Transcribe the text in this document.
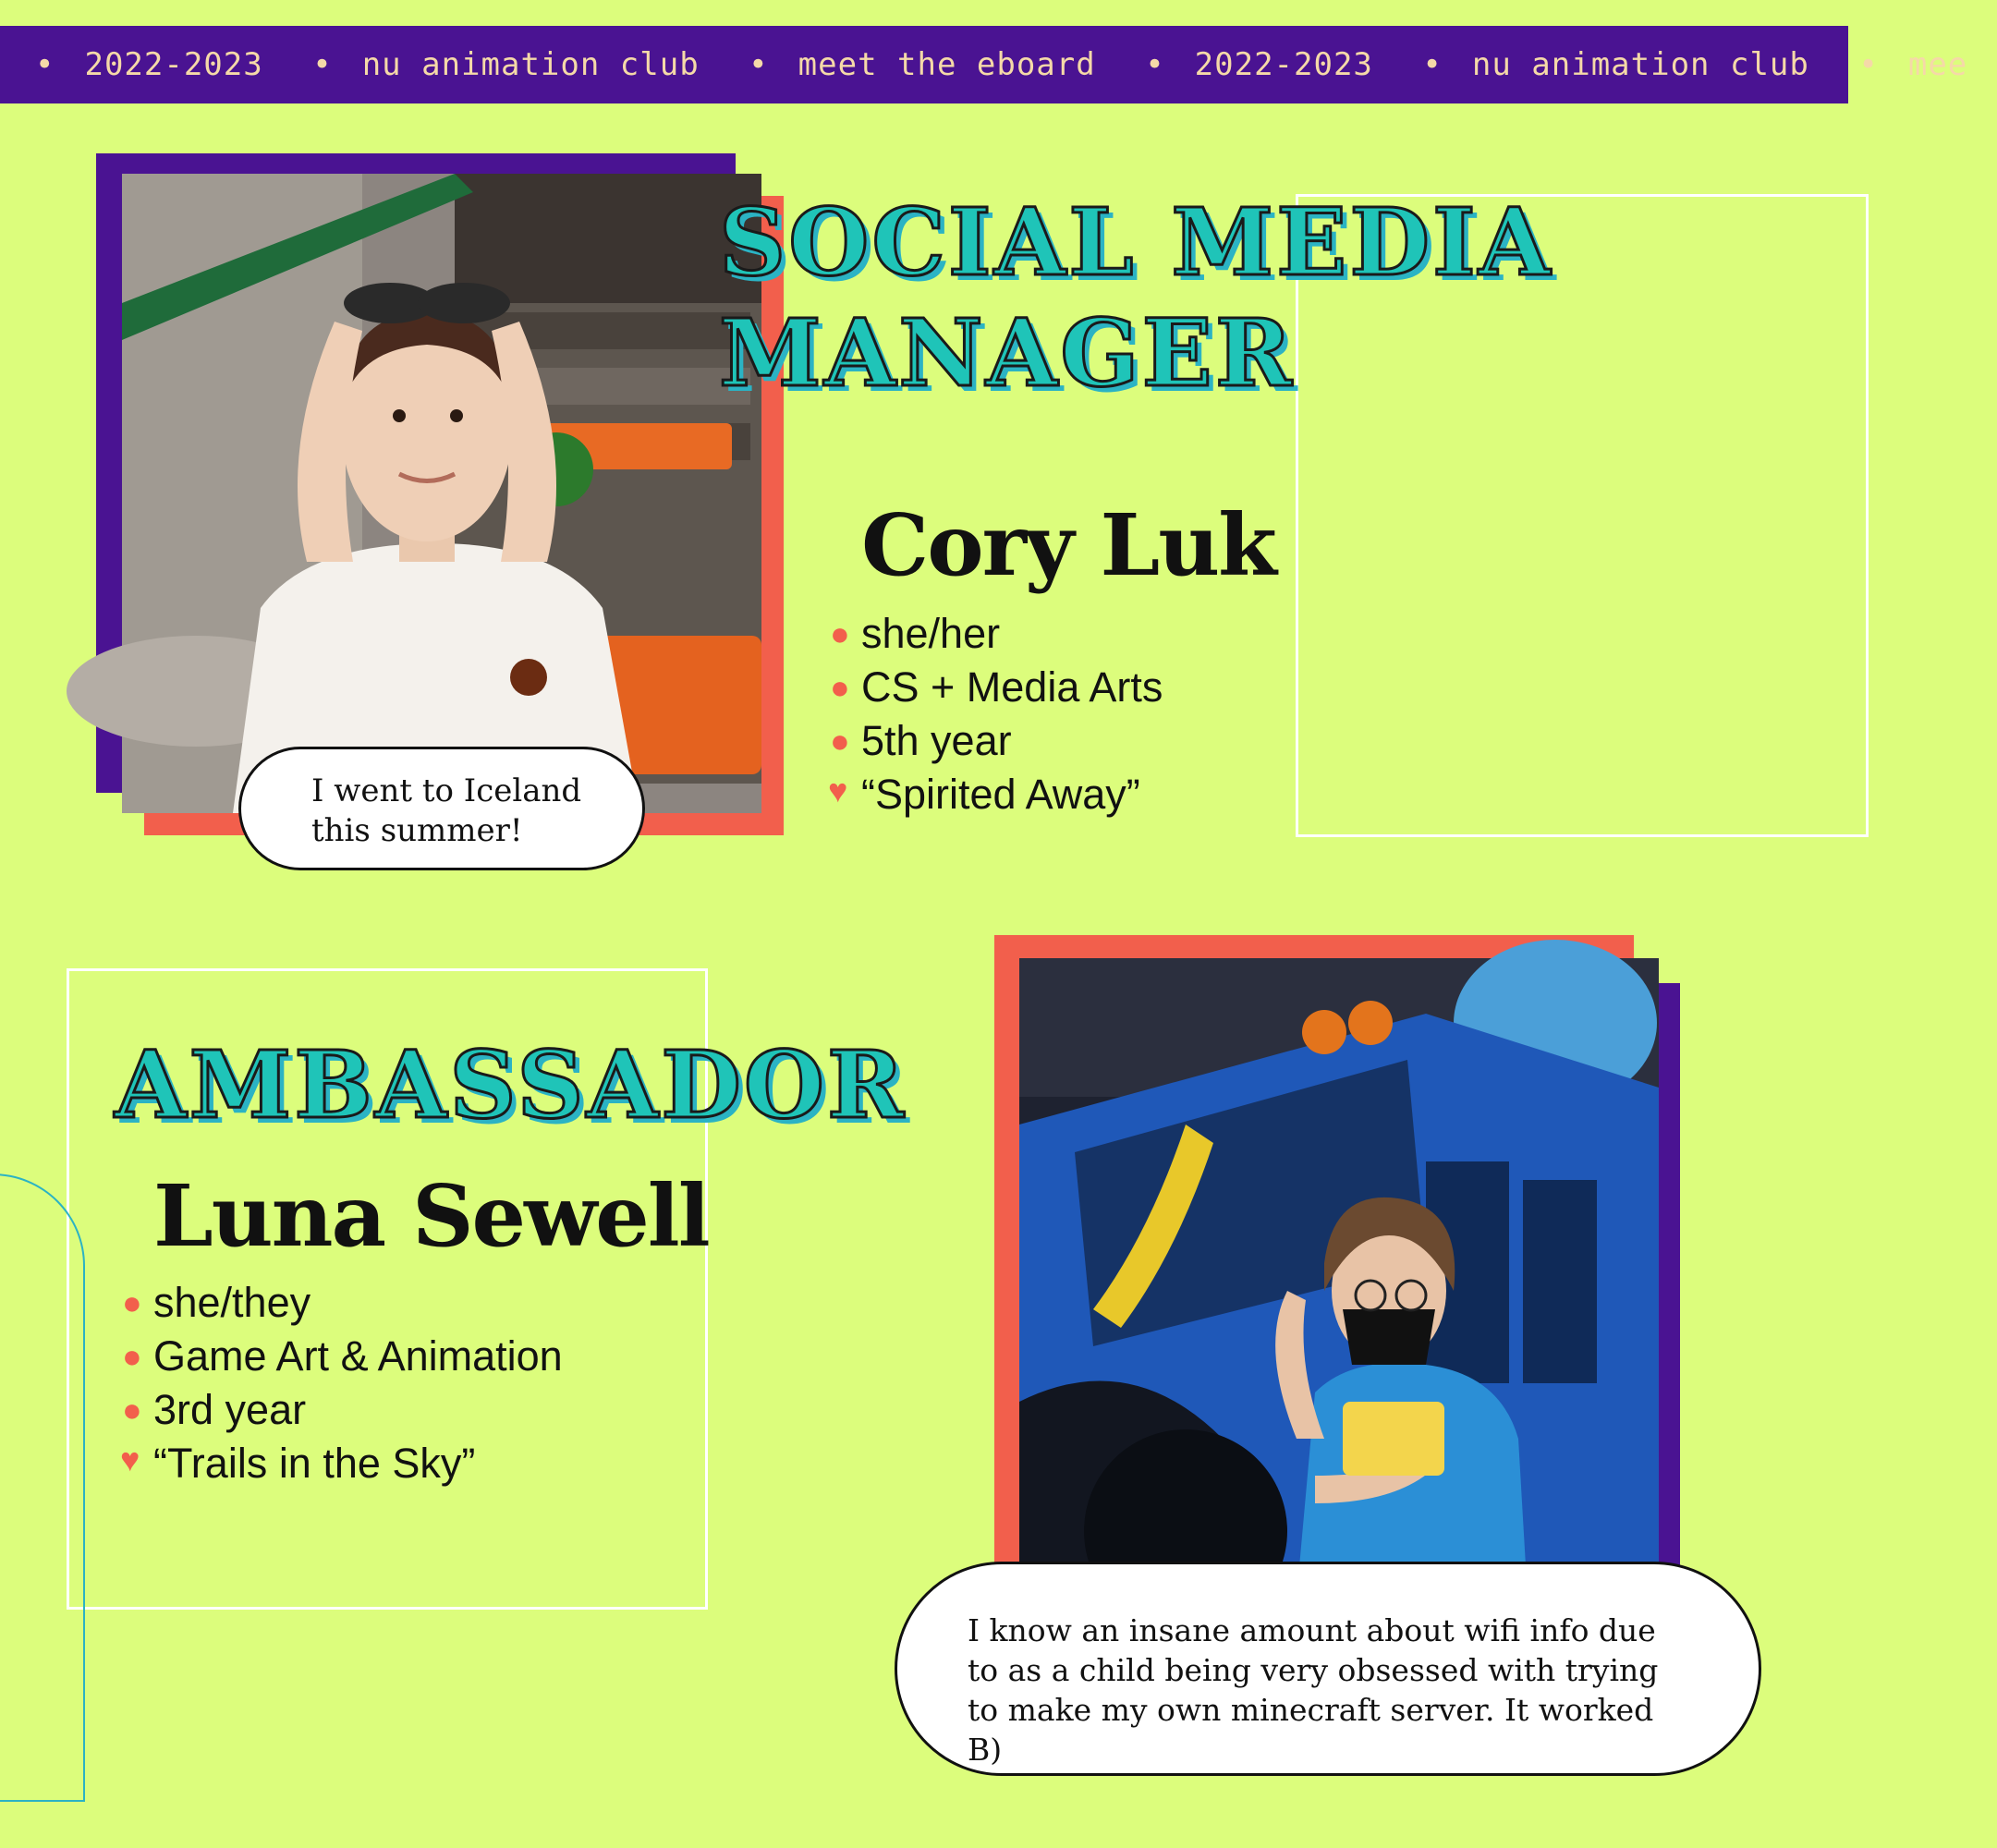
• 2022-2023 • nu animation club • meet the eboard • 2022-2023 • nu animation club • mee
SOCIAL MEDIA
MANAGER
Cory Luk
● she/her
● CS + Media Arts
● 5th year
♥ “Spirited Away”
I went to Iceland this summer!
AMBASSADOR
Luna Sewell
● she/they
● Game Art & Animation
● 3rd year
♥ “Trails in the Sky”
I know an insane amount about wifi info due to as a child being very obsessed with trying to make my own minecraft server. It worked B)
